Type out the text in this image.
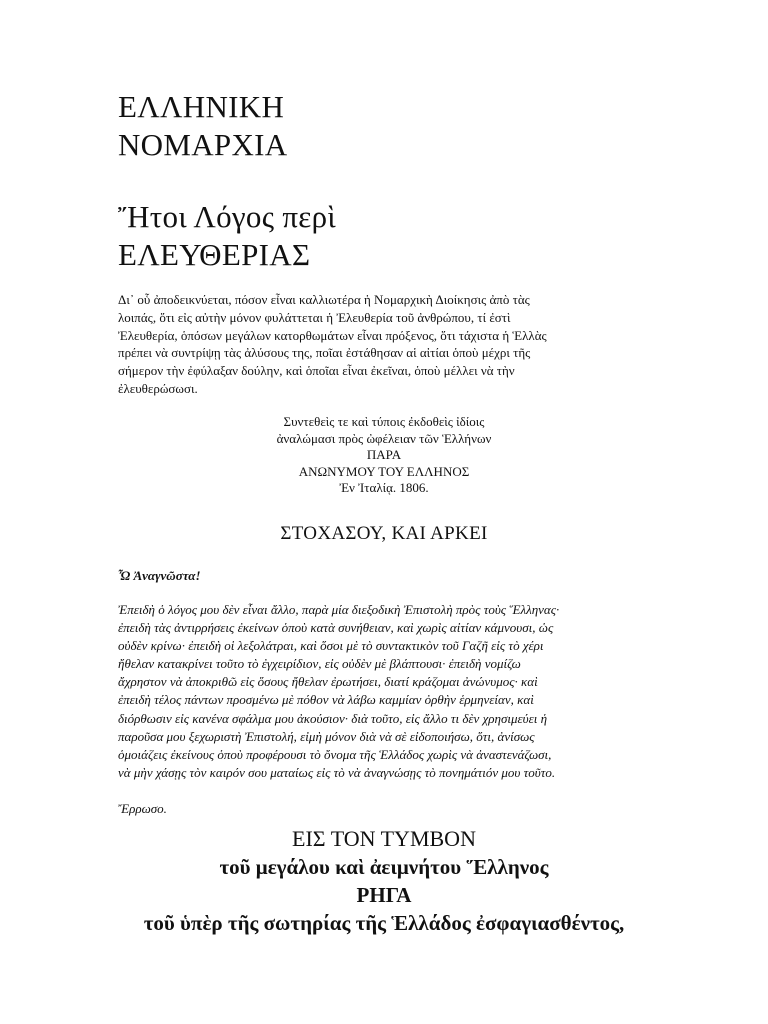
ΕΛΛΗΝΙΚΗ
ΝΟΜΑΡΧΙΑ
Ἤτοι Λόγος περὶ
ΕΛΕΥΘΕΡΙΑΣ
Δι᾽ οὗ ἀποδεικνύεται, πόσον εἶναι καλλιωτέρα ἡ Νομαρχικὴ Διοίκησις ἀπὸ τὰς
λοιπάς, ὅτι εἰς αὐτὴν μόνον φυλάττεται ἡ Ἐλευθερία τοῦ ἀνθρώπου, τί ἐστὶ
Ἐλευθερία, ὁπόσων μεγάλων κατορθωμάτων εἶναι πρόξενος, ὅτι τάχιστα ἡ Ἑλλὰς
πρέπει νὰ συντρίψῃ τὰς ἀλύσους της, ποῖαι ἐστάθησαν αἱ αἰτίαι ὁποὺ μέχρι τῆς
σήμερον τὴν ἐφύλαξαν δούλην, καὶ ὁποῖαι εἶναι ἐκεῖναι, ὁποὺ μέλλει νὰ τὴν
ἐλευθερώσωσι.
Συντεθεὶς τε καὶ τύποις ἐκδοθεὶς ἰδίοις
ἀναλώμασι πρὸς ὠφέλειαν τῶν Ἑλλήνων
ΠΑΡΑ
ΑΝΩΝΥΜΟΥ ΤΟΥ ΕΛΛΗΝΟΣ
Ἐν Ἰταλίᾳ. 1806.
ΣΤΟΧΑΣΟΥ, ΚΑΙ ΑΡΚΕΙ
Ὦ Ἀναγνῶστα!
Ἐπειδὴ ὁ λόγος μου δὲν εἶναι ἄλλο, παρὰ μία διεξοδικὴ Ἐπιστολὴ πρὸς τοὺς Ἕλληνας·
ἐπειδὴ τὰς ἀντιρρήσεις ἐκείνων ὁποὺ κατὰ συνήθειαν, καὶ χωρὶς αἰτίαν κάμνουσι, ὡς
οὐδὲν κρίνω· ἐπειδὴ οἱ λεξολάτραι, καὶ ὅσοι μὲ τὸ συντακτικὸν τοῦ Γαζῆ εἰς τὸ χέρι
ἤθελαν κατακρίνει τοῦτο τὸ ἐγχειρίδιον, εἰς οὐδὲν μὲ βλάπτουσι· ἐπειδὴ νομίζω
ἄχρηστον νὰ ἀποκριθῶ εἰς ὅσους ἤθελαν ἐρωτήσει, διατί κράζομαι ἀνώνυμος· καὶ
ἐπειδὴ τέλος πάντων προσμένω μὲ πόθον νὰ λάβω καμμίαν ὀρθὴν ἑρμηνείαν, καὶ
διόρθωσιν εἰς κανένα σφάλμα μου ἀκούσιον· διὰ τοῦτο, εἰς ἄλλο τι δὲν χρησιμεύει ἡ
παροῦσα μου ξεχωριστὴ Ἐπιστολή, εἰμὴ μόνον διὰ νὰ σὲ εἰδοποιήσω, ὅτι, ἀνίσως
ὁμοιάζεις ἐκείνους ὁποὺ προφέρουσι τὸ ὄνομα τῆς Ἑλλάδος χωρὶς νὰ ἀναστενάζωσι,
νὰ μὴν χάσῃς τὸν καιρόν σου ματαίως εἰς τὸ νὰ ἀναγνώσῃς τὸ πονημάτιόν μου τοῦτο.
Ἔρρωσο.
ΕΙΣ ΤΟΝ ΤΥΜΒΟΝ
τοῦ μεγάλου καὶ ἀειμνήτου Ἕλληνος
ΡΗΓΑ
τοῦ ὑπὲρ τῆς σωτηρίας τῆς Ἑλλάδος ἐσφαγιασθέντος,
